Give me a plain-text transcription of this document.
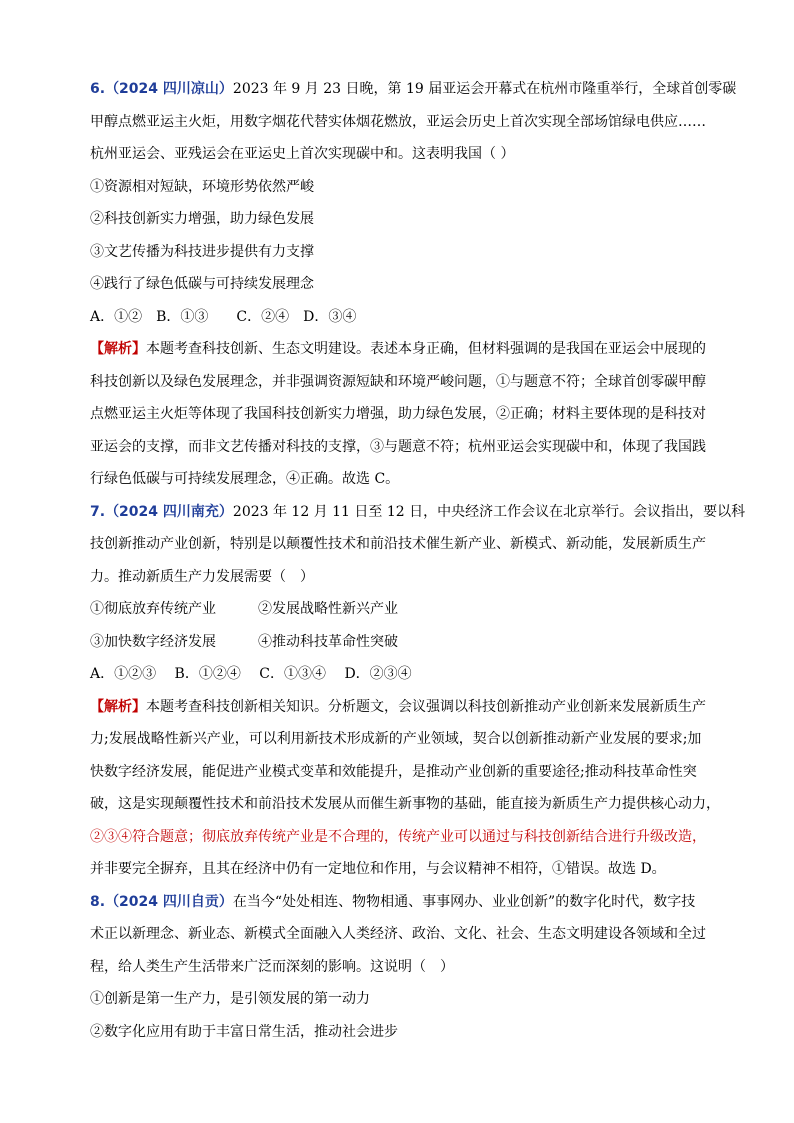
6.（2024 四川凉山）2023 年 9 月 23 日晚，第 19 届亚运会开幕式在杭州市隆重举行，全球首创零碳
甲醇点燃亚运主火炬，用数字烟花代替实体烟花燃放，亚运会历史上首次实现全部场馆绿电供应……
杭州亚运会、亚残运会在亚运史上首次实现碳中和。这表明我国（ ）
①资源相对短缺，环境形势依然严峻
②科技创新实力增强，助力绿色发展
③文艺传播为科技进步提供有力支撑
④践行了绿色低碳与可持续发展理念
A．①②　B．①③　　C．②④　D．③④
【解析】本题考查科技创新、生态文明建设。表述本身正确，但材料强调的是我国在亚运会中展现的
科技创新以及绿色发展理念，并非强调资源短缺和环境严峻问题，①与题意不符；全球首创零碳甲醇
点燃亚运主火炬等体现了我国科技创新实力增强，助力绿色发展，②正确；材料主要体现的是科技对
亚运会的支撑，而非文艺传播对科技的支撑，③与题意不符；杭州亚运会实现碳中和，体现了我国践
行绿色低碳与可持续发展理念，④正确。故选 C。
7.（2024 四川南充）2023 年 12 月 11 日至 12 日，中央经济工作会议在北京举行。会议指出，要以科
技创新推动产业创新，特别是以颠覆性技术和前沿技术催生新产业、新模式、新动能，发展新质生产
力。推动新质生产力发展需要（　）
①彻底放弃传统产业	②发展战略性新兴产业
③加快数字经济发展	④推动科技革命性突破
A．①②③　 B．①②④　 C．①③④　 D．②③④
【解析】本题考查科技创新相关知识。分析题文，会议强调以科技创新推动产业创新来发展新质生产
力;发展战略性新兴产业，可以利用新技术形成新的产业领域，契合以创新推动新产业发展的要求;加
快数字经济发展，能促进产业模式变革和效能提升，是推动产业创新的重要途径;推动科技革命性突
破，这是实现颠覆性技术和前沿技术发展从而催生新事物的基础，能直接为新质生产力提供核心动力，
②③④符合题意；彻底放弃传统产业是不合理的，传统产业可以通过与科技创新结合进行升级改造，
并非要完全摒弃，且其在经济中仍有一定地位和作用，与会议精神不相符，①错误。故选 D。
8.（2024 四川自贡）在当今“处处相连、物物相通、事事网办、业业创新”的数字化时代，数字技
术正以新理念、新业态、新模式全面融入人类经济、政治、文化、社会、生态文明建设各领域和全过
程，给人类生产生活带来广泛而深刻的影响。这说明（　）
①创新是第一生产力，是引领发展的第一动力
②数字化应用有助于丰富日常生活，推动社会进步
